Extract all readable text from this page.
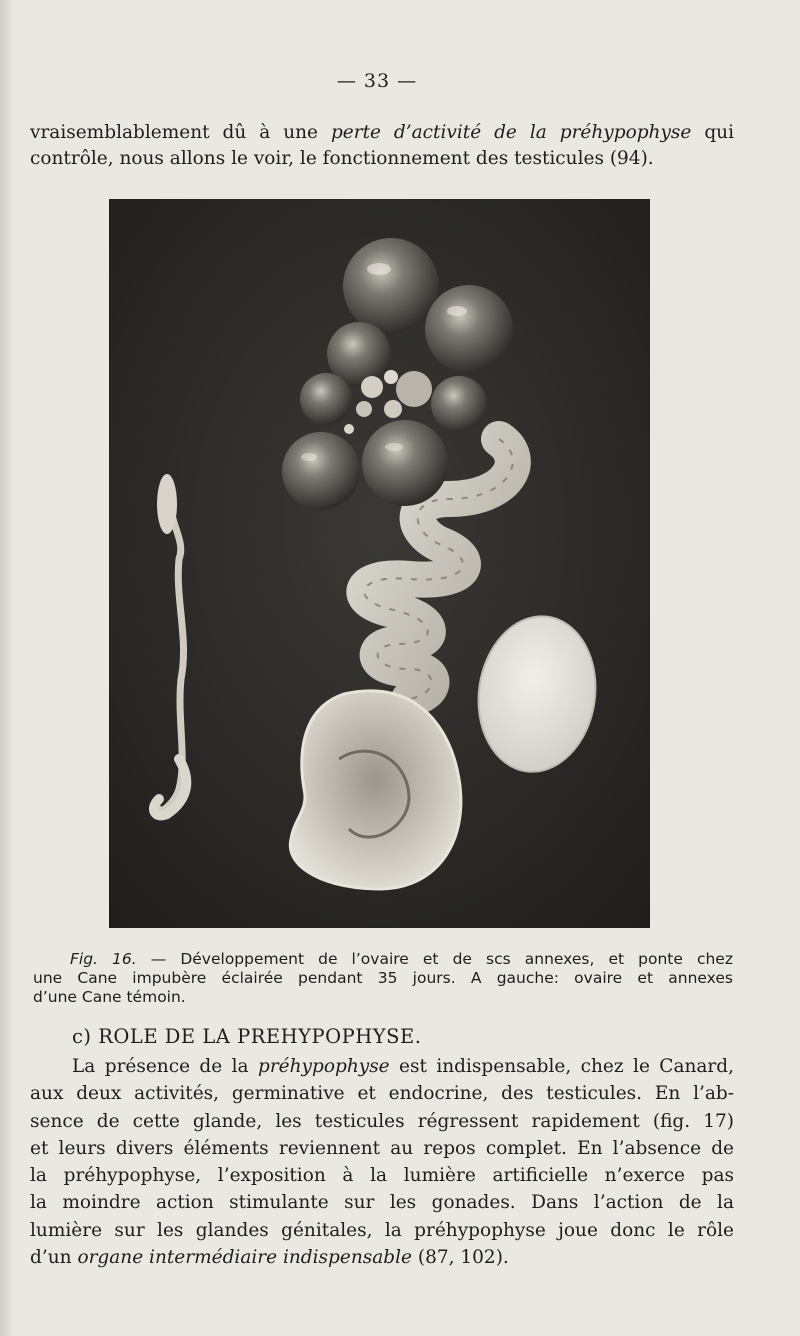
— 33 —

vraisemblablement dû à une perte d’activité de la préhypophyse qui
contrôle, nous allons le voir, le fonctionnement des testicules (94).

Fig. 16. — Développement de l’ovaire et de scs annexes, et ponte chez
une Cane impubère éclairée pendant 35 jours. A gauche: ovaire et annexes
d’une Cane témoin.

c) ROLE DE LA PREHYPOPHYSE.

La présence de la préhypophyse est indispensable, chez le Canard,
aux deux activités, germinative et endocrine, des testicules. En l’ab-
sence de cette glande, les testicules régressent rapidement (fig. 17)
et leurs divers éléments reviennent au repos complet. En l’absence de
la préhypophyse, l’exposition à la lumière artificielle n’exerce pas
la moindre action stimulante sur les gonades. Dans l’action de la
lumière sur les glandes génitales, la préhypophyse joue donc le rôle
d’un organe intermédiaire indispensable (87, 102).
